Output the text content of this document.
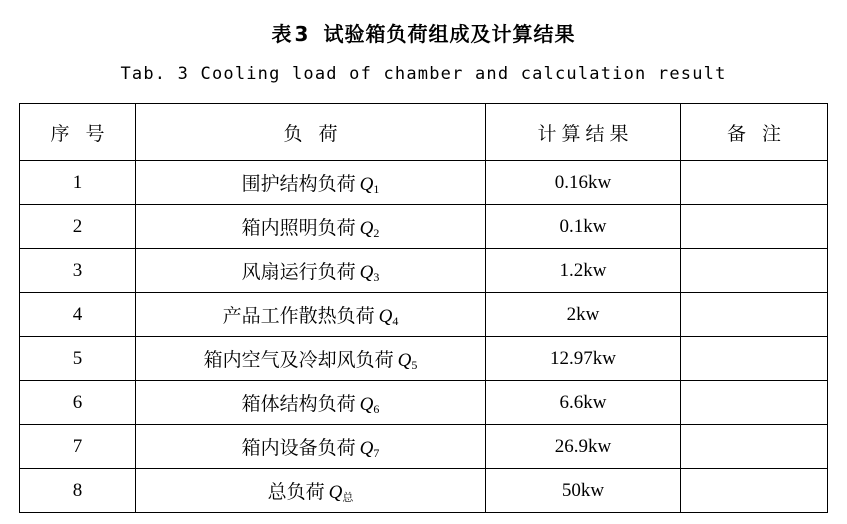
表 3 试验箱负荷组成及计算结果
Tab. 3 Cooling load of chamber and calculation result
序 号	负 荷	计算结果	备 注
1	围护结构负荷 $Q_1$	0.16kw	
2	箱内照明负荷 $Q_2$	0.1kw	
3	风扇运行负荷 $Q_3$	1.2kw	
4	产品工作散热负荷 $Q_4$	2kw	
5	箱内空气及冷却风负荷 $Q_5$	12.97kw	
6	箱体结构负荷 $Q_6$	6.6kw	
7	箱内设备负荷 $Q_7$	26.9kw	
8	总负荷 $Q_总$	50kw	
